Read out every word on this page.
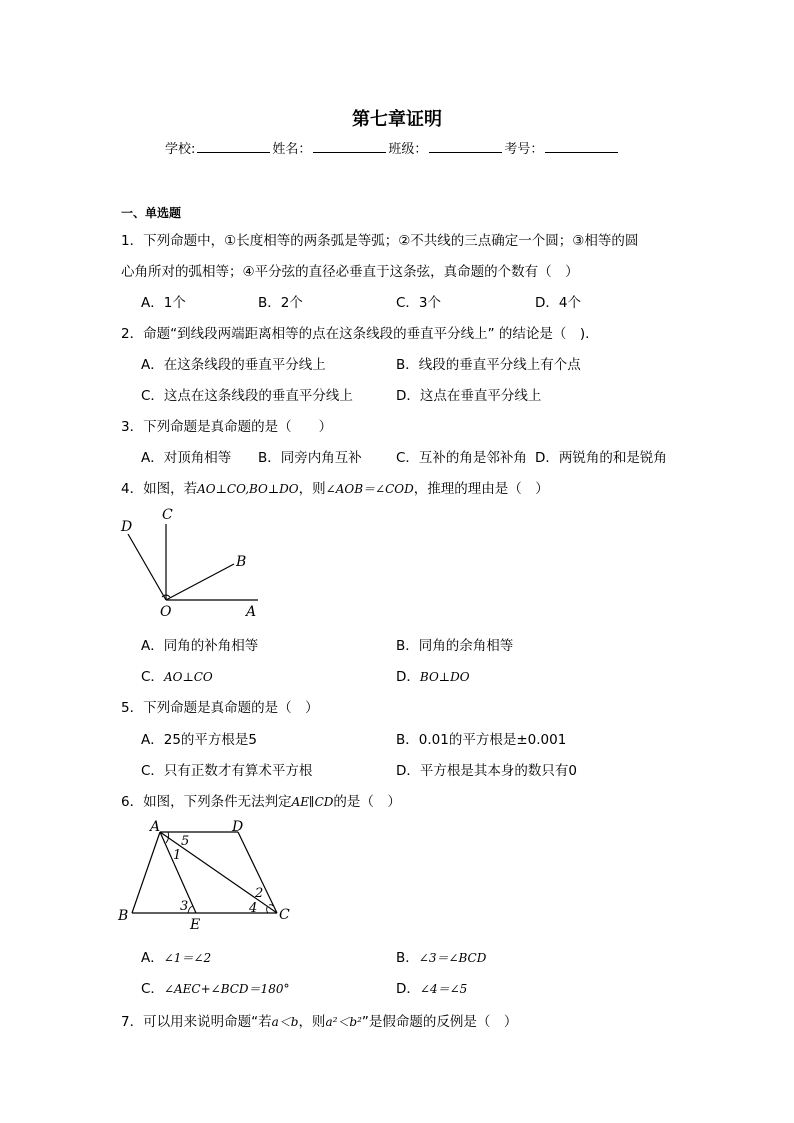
第七章证明
学校:	姓名：	班级：	考号：
一、单选题
1．下列命题中，①长度相等的两条弧是等弧；②不共线的三点确定一个圆；③相等的圆
心角所对的弧相等；④平分弦的直径必垂直于这条弦，真命题的个数有（　）
A．1个	B．2个	C．3个	D．4个
2．命题“到线段两端距离相等的点在这条线段的垂直平分线上” 的结论是（　).
A．在这条线段的垂直平分线上	B．线段的垂直平分线上有个点
C．这点在这条线段的垂直平分线上	D．这点在垂直平分线上
3．下列命题是真命题的是（　　）
A．对顶角相等 B．同旁内角互补	C．互补的角是邻补角 D．两锐角的和是锐角
4．如图，若AO⊥CO,BO⊥DO，则∠AOB＝∠COD，推理的理由是（　）
D
C
B
O	A
A．同角的补角相等	B．同角的余角相等
C．AO⊥CO	D．BO⊥DO
5．下列命题是真命题的是（　）
A．25的平方根是5	B．0.01的平方根是±0.001
C．只有正数才有算术平方根	D．平方根是其本身的数只有0
6．如图，下列条件无法判定AE∥CD的是（　）
A	D
B
E
C
1
5
2
3	4
A．∠1＝∠2	B．∠3＝∠BCD
C．∠AEC+∠BCD＝180°	D．∠4＝∠5
7．可以用来说明命题“若a＜b，则a²＜b²”是假命题的反例是（　）
